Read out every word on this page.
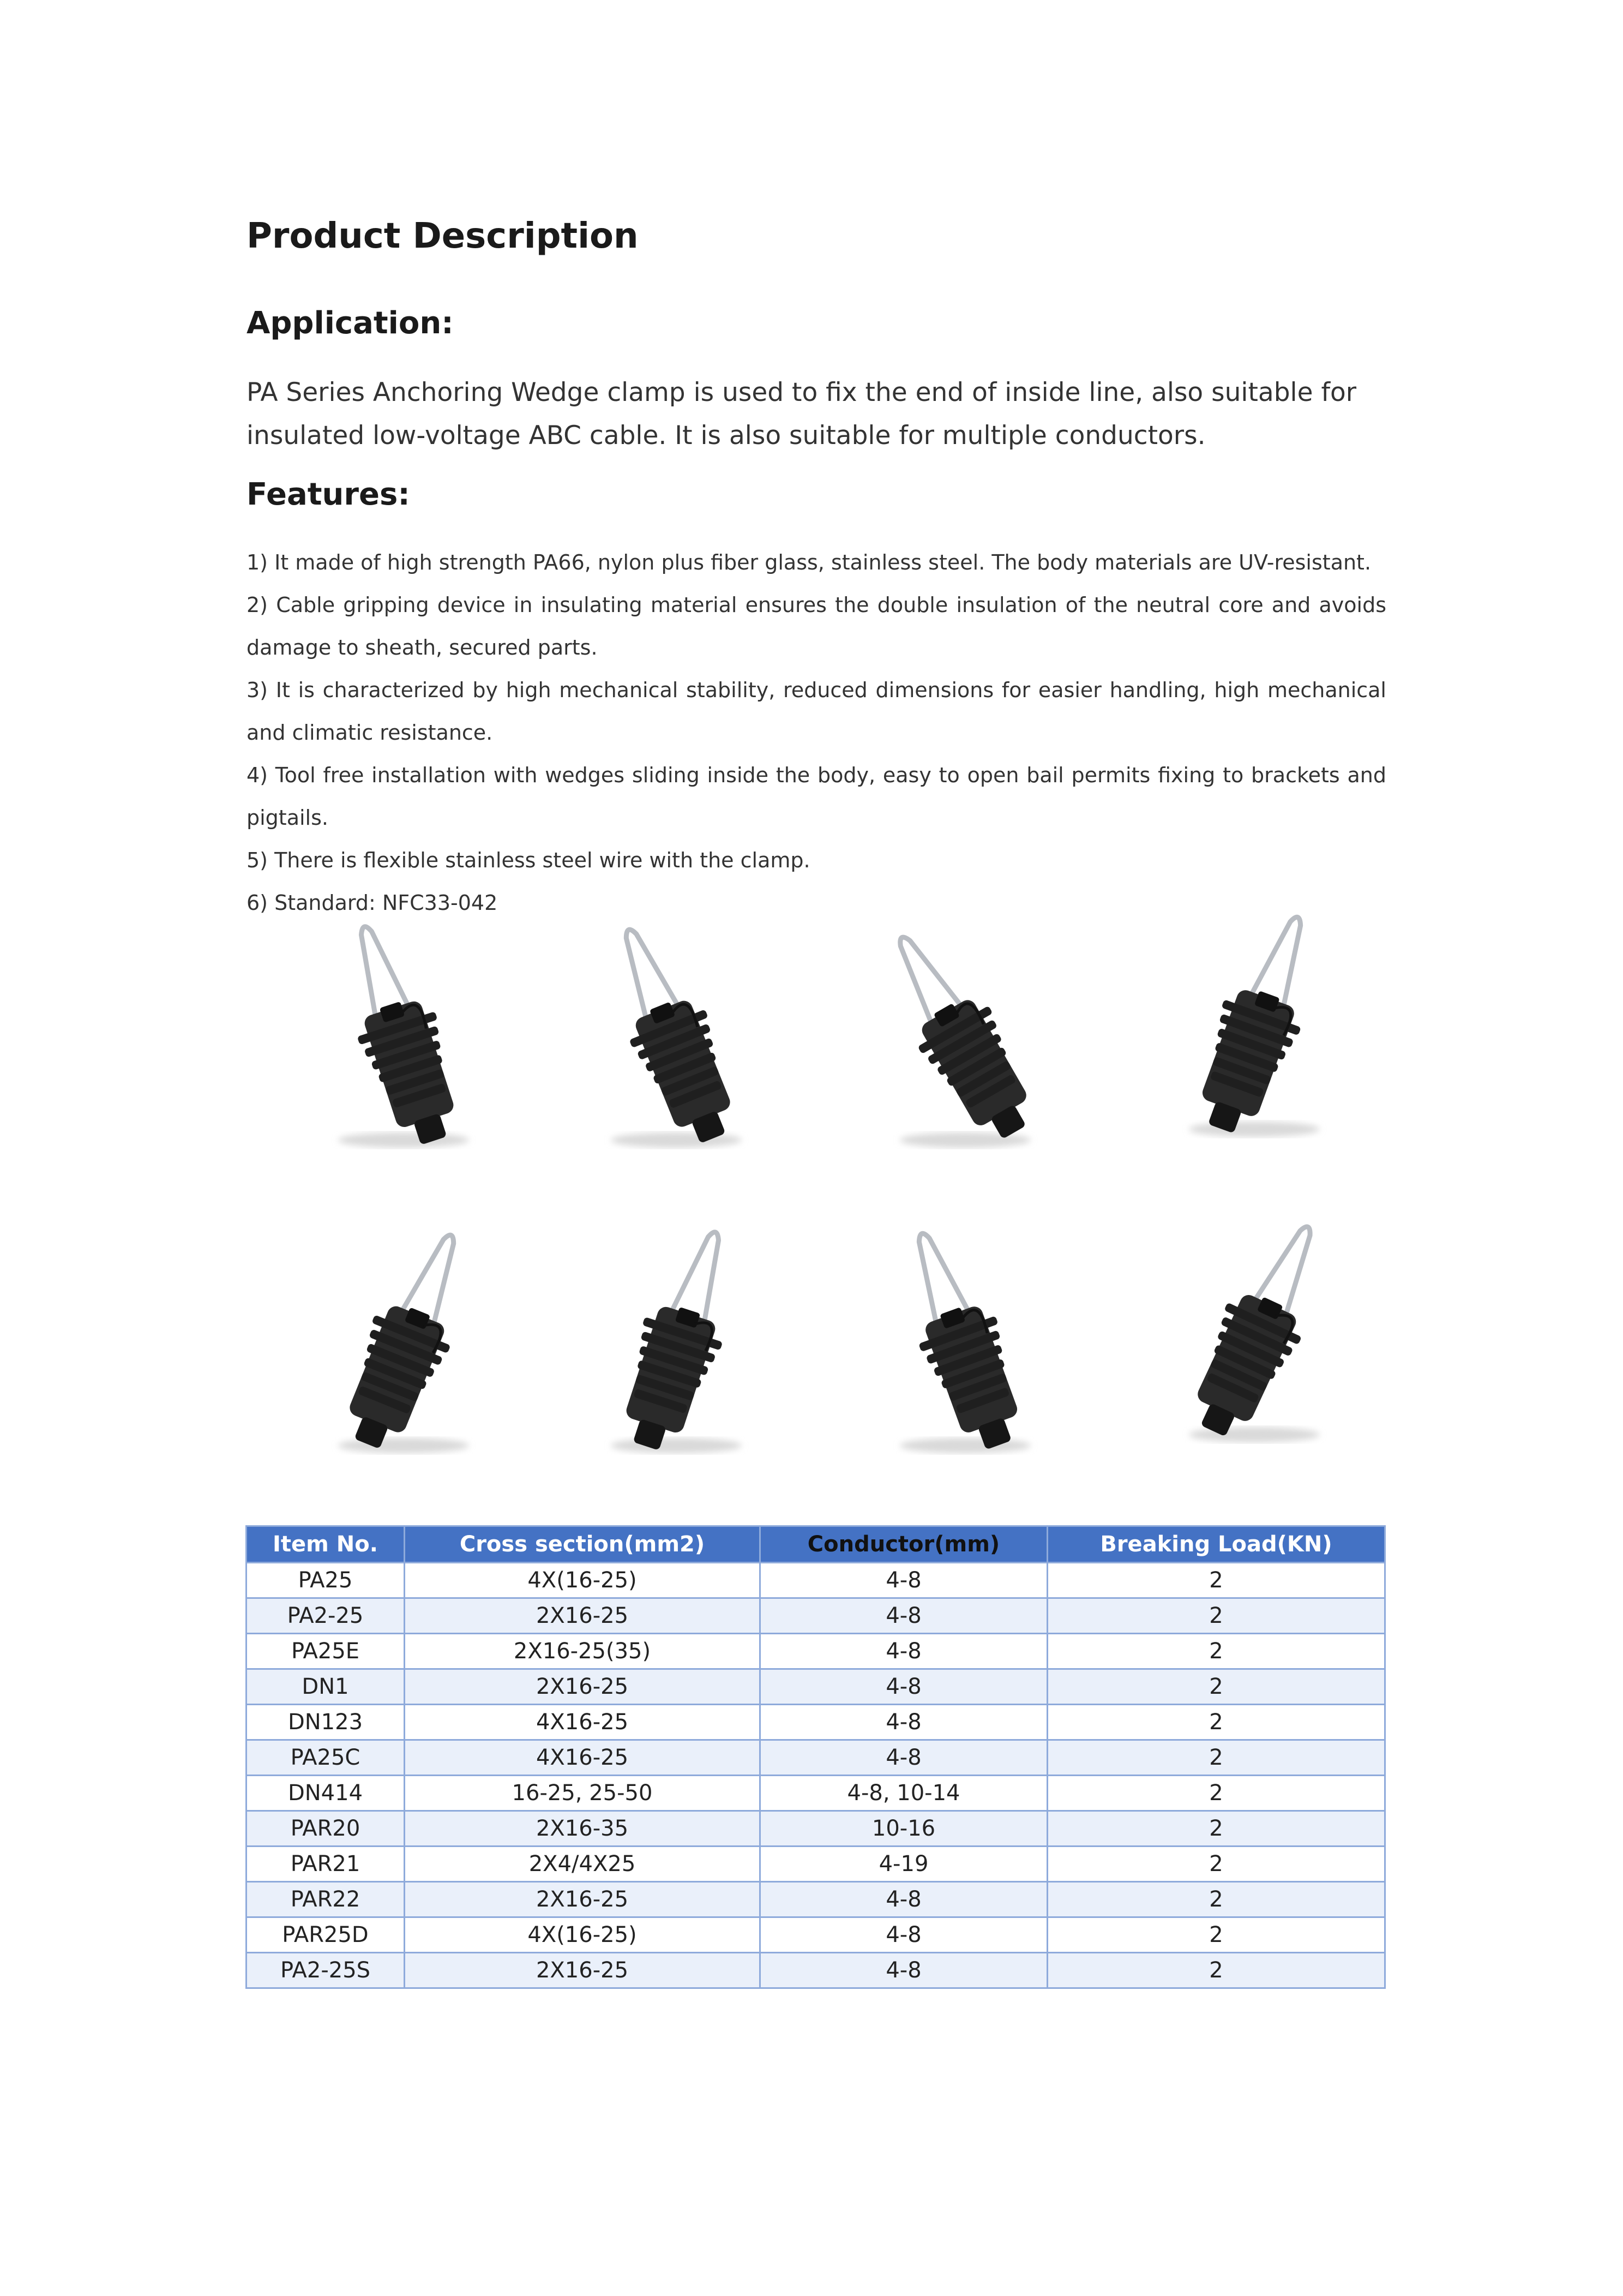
Product Description
Application:

PA Series Anchoring Wedge clamp is used to fix the end of inside line, also suitable for insulated low-voltage ABC cable. It is also suitable for multiple conductors.

Features:
1) It made of high strength PA66, nylon plus fiber glass, stainless steel. The body materials are UV-resistant.
2) Cable gripping device in insulating material ensures the double insulation of the neutral core and avoids damage to sheath, secured parts.
3) It is characterized by high mechanical stability, reduced dimensions for easier handling, high mechanical and climatic resistance.
4) Tool free installation with wedges sliding inside the body, easy to open bail permits fixing to brackets and pigtails.
5) There is flexible stainless steel wire with the clamp.
6) Standard: NFC33-042
Item No.	Cross section(mm2)	Conductor(mm)	Breaking Load(KN)
PA25	4X(16-25)	4-8	2
PA2-25	2X16-25	4-8	2
PA25E	2X16-25(35)	4-8	2
DN1	2X16-25	4-8	2
DN123	4X16-25	4-8	2
PA25C	4X16-25	4-8	2
DN414	16-25, 25-50	4-8, 10-14	2
PAR20	2X16-35	10-16	2
PAR21	2X4/4X25	4-19	2
PAR22	2X16-25	4-8	2
PAR25D	4X(16-25)	4-8	2
PA2-25S	2X16-25	4-8	2
